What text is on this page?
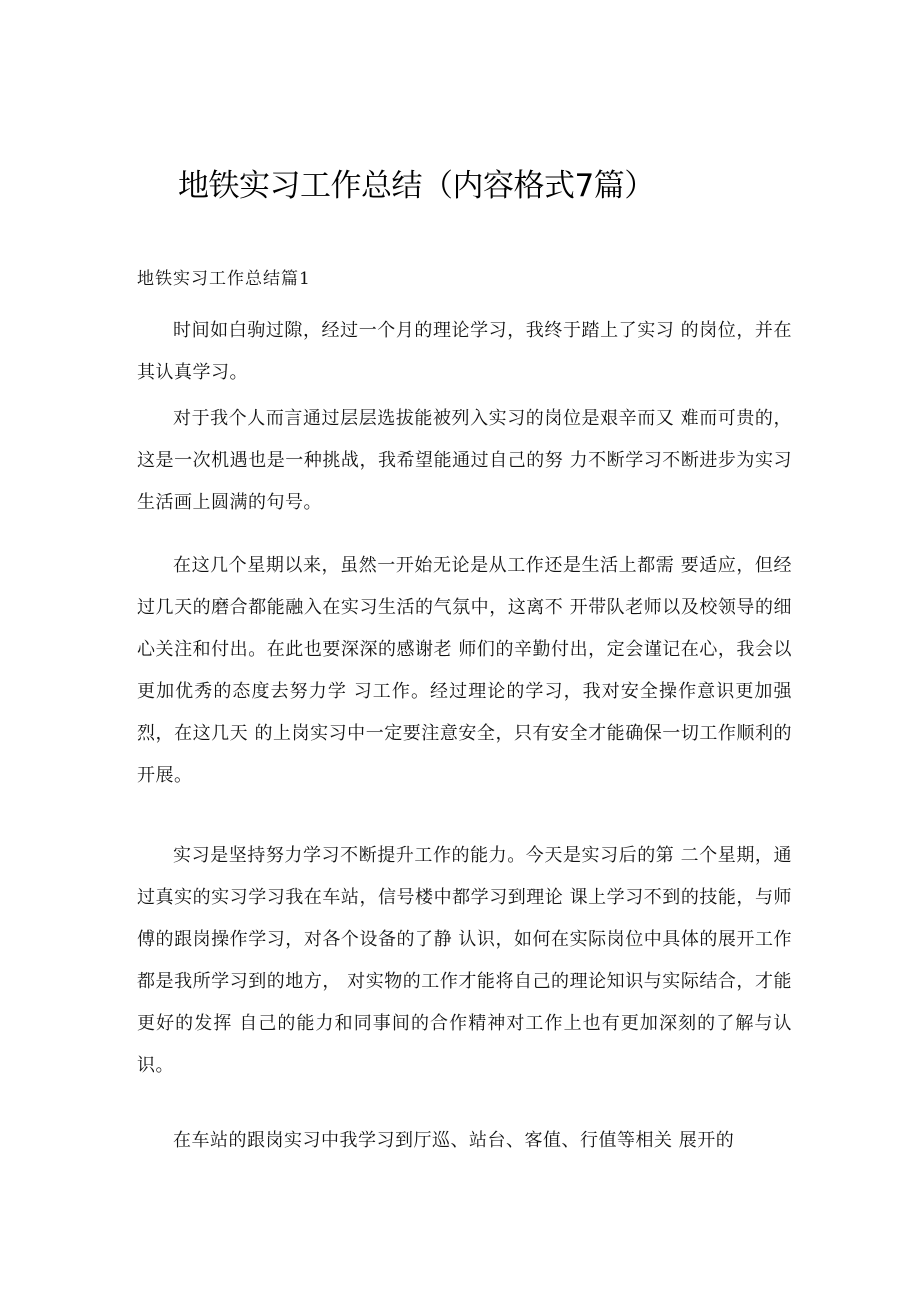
地铁实习工作总结（内容格式7篇）
地铁实习工作总结篇1

时间如白驹过隙，经过一个月的理论学习，我终于踏上了实习 的岗位，并在其认真学习。

对于我个人而言通过层层选拔能被列入实习的岗位是艰辛而又 难而可贵的，这是一次机遇也是一种挑战，我希望能通过自己的努 力不断学习不断进步为实习生活画上圆满的句号。

在这几个星期以来，虽然一开始无论是从工作还是生活上都需 要适应，但经过几天的磨合都能融入在实习生活的气氛中，这离不 开带队老师以及校领导的细心关注和付出。在此也要深深的感谢老 师们的辛勤付出，定会谨记在心，我会以更加优秀的态度去努力学 习工作。经过理论的学习，我对安全操作意识更加强烈，在这几天 的上岗实习中一定要注意安全，只有安全才能确保一切工作顺利的 开展。

实习是坚持努力学习不断提升工作的能力。今天是实习后的第 二个星期，通过真实的实习学习我在车站，信号楼中都学习到理论 课上学习不到的技能，与师傅的跟岗操作学习，对各个设备的了静 认识，如何在实际岗位中具体的展开工作都是我所学习到的地方， 对实物的工作才能将自己的理论知识与实际结合，才能更好的发挥 自己的能力和同事间的合作精神对工作上也有更加深刻的了解与认 识。

在车站的跟岗实习中我学习到厅巡、站台、客值、行值等相关 展开的
